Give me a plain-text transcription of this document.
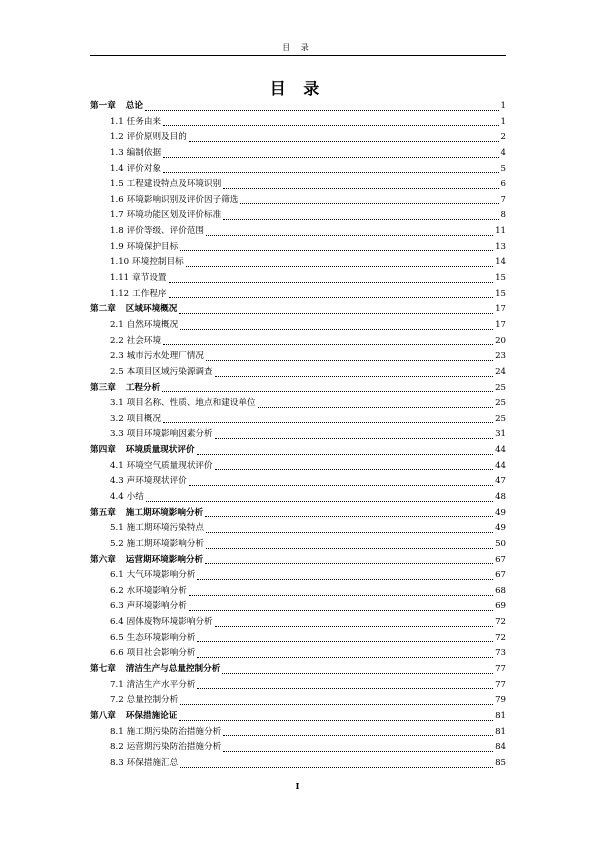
目 录
目 录
第一章 总论	1
1.1 任务由来	1
1.2 评价原则及目的	2
1.3 编制依据	4
1.4 评价对象	5
1.5 工程建设特点及环境识别	6
1.6 环境影响识别及评价因子筛选	7
1.7 环境功能区划及评价标准	8
1.8 评价等级、评价范围	11
1.9 环境保护目标	13
1.10 环境控制目标	14
1.11 章节设置	15
1.12 工作程序	15
第二章 区域环境概况	17
2.1 自然环境概况	17
2.2 社会环境	20
2.3 城市污水处理厂情况	23
2.5 本项目区域污染源调查	24
第三章 工程分析	25
3.1 项目名称、性质、地点和建设单位	25
3.2 项目概况	25
3.3 项目环境影响因素分析	31
第四章 环境质量现状评价	44
4.1 环境空气质量现状评价	44
4.3 声环境现状评价	47
4.4 小结	48
第五章 施工期环境影响分析	49
5.1 施工期环境污染特点	49
5.2 施工期环境影响分析	50
第六章 运营期环境影响分析	67
6.1 大气环境影响分析	67
6.2 水环境影响分析	68
6.3 声环境影响分析	69
6.4 固体废物环境影响分析	72
6.5 生态环境影响分析	72
6.6 项目社会影响分析	73
第七章 清洁生产与总量控制分析	77
7.1 清洁生产水平分析	77
7.2 总量控制分析	79
第八章 环保措施论证	81
8.1 施工期污染防治措施分析	81
8.2 运营期污染防治措施分析	84
8.3 环保措施汇总	85
I
